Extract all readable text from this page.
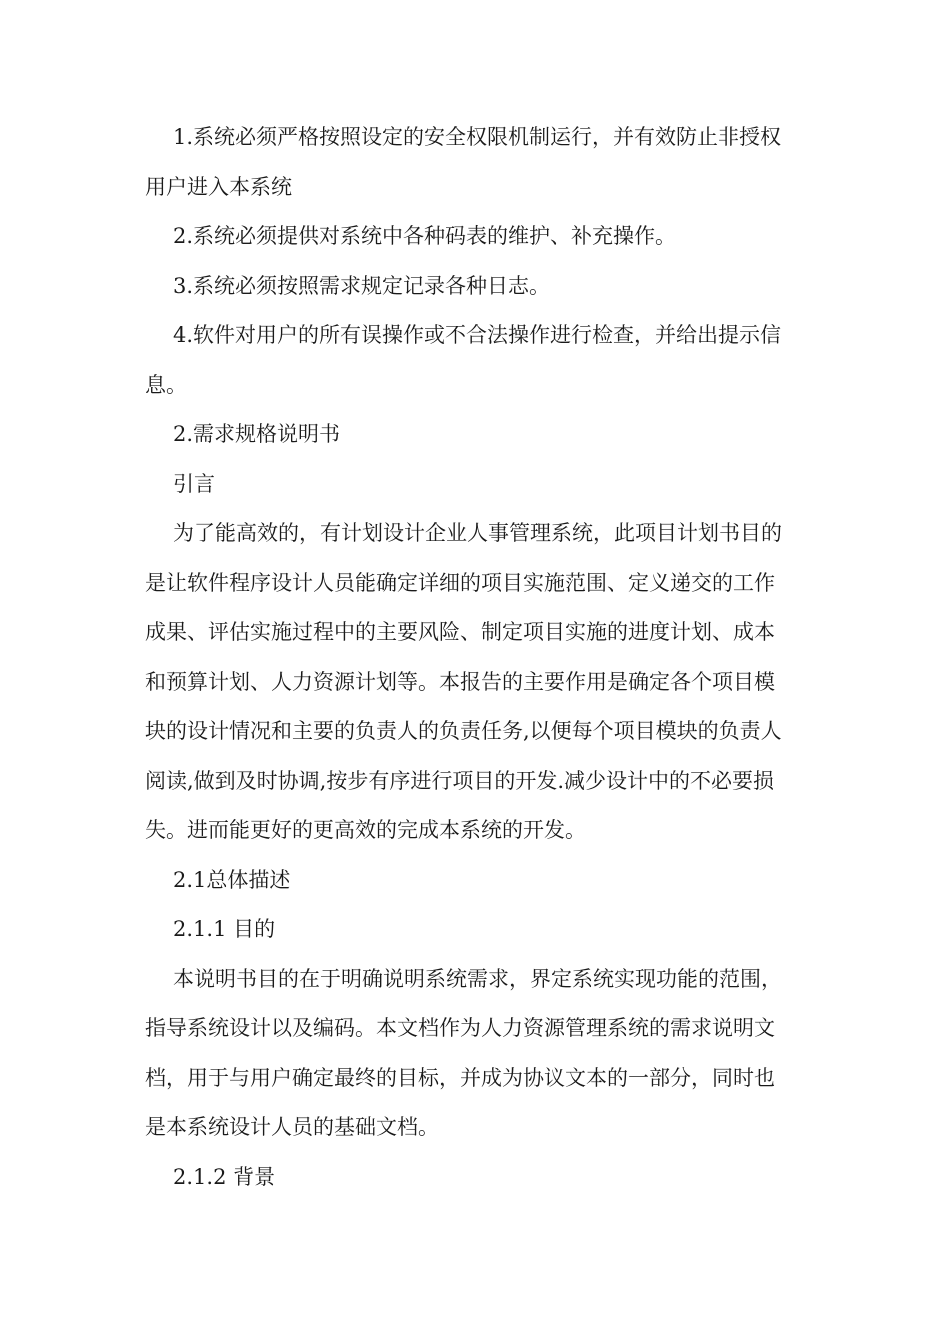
1.系统必须严格按照设定的安全权限机制运行，并有效防止非授权
用户进入本系统
2.系统必须提供对系统中各种码表的维护、补充操作。
3.系统必须按照需求规定记录各种日志。
4.软件对用户的所有误操作或不合法操作进行检查，并给出提示信
息。
2.需求规格说明书
引言
为了能高效的，有计划设计企业人事管理系统，此项目计划书目的
是让软件程序设计人员能确定详细的项目实施范围、定义递交的工作
成果、评估实施过程中的主要风险、制定项目实施的进度计划、成本
和预算计划、人力资源计划等。本报告的主要作用是确定各个项目模
块的设计情况和主要的负责人的负责任务,以便每个项目模块的负责人
阅读,做到及时协调,按步有序进行项目的开发.减少设计中的不必要损
失。进而能更好的更高效的完成本系统的开发。
2.1总体描述
2.1.1 目的
本说明书目的在于明确说明系统需求，界定系统实现功能的范围，
指导系统设计以及编码。本文档作为人力资源管理系统的需求说明文
档，用于与用户确定最终的目标，并成为协议文本的一部分，同时也
是本系统设计人员的基础文档。
2.1.2 背景
